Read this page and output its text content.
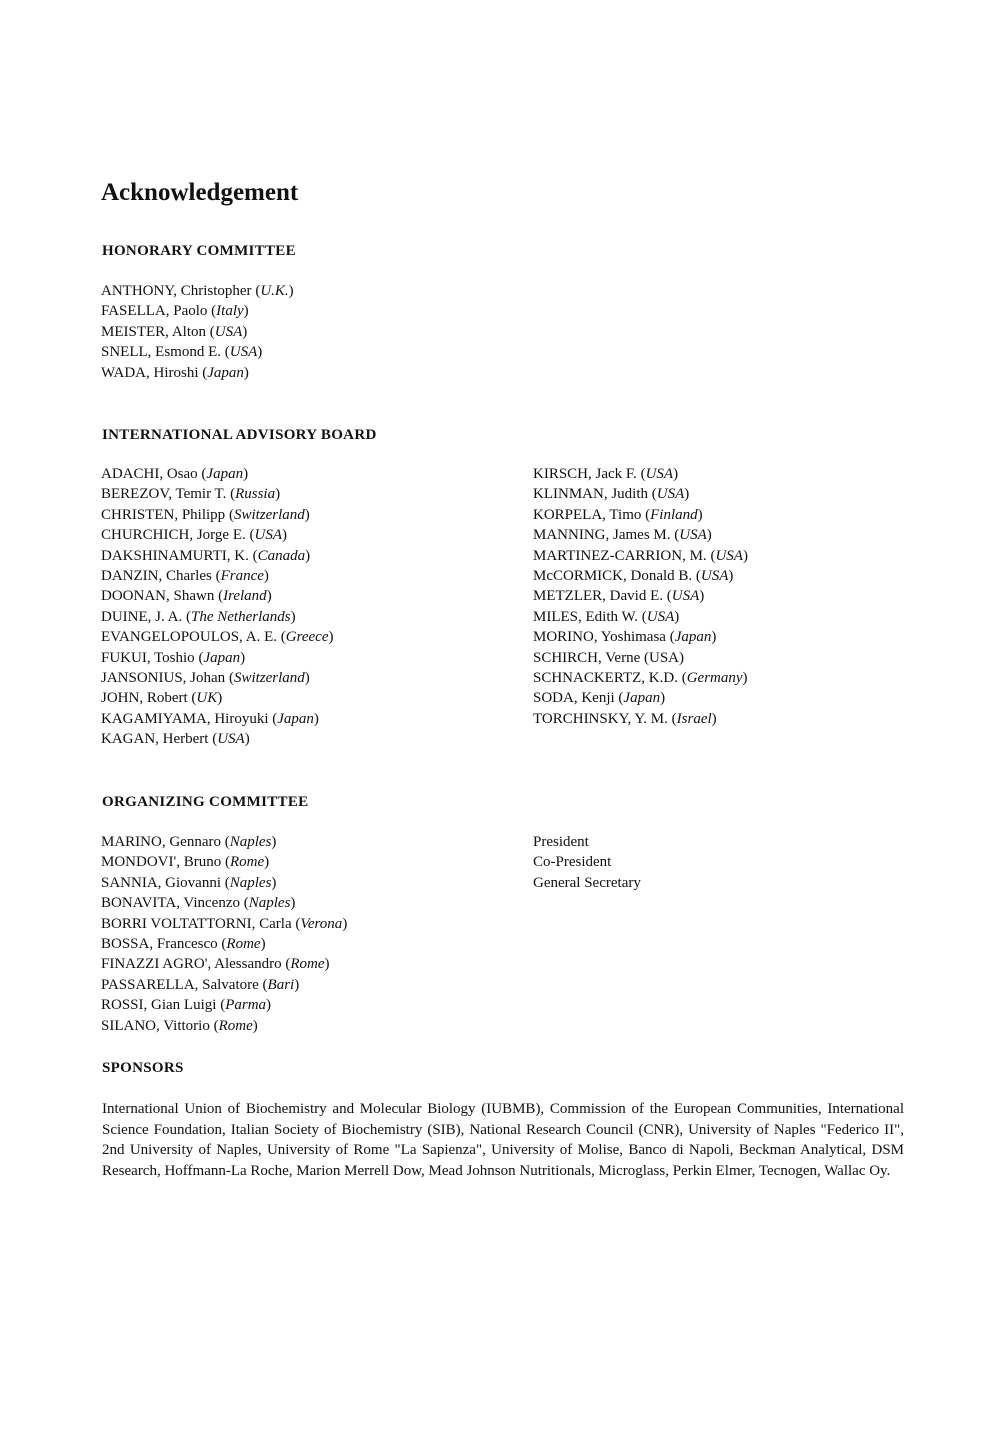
Acknowledgement
HONORARY COMMITTEE
ANTHONY, Christopher (U.K.)
FASELLA, Paolo (Italy)
MEISTER, Alton (USA)
SNELL, Esmond E. (USA)
WADA, Hiroshi (Japan)
INTERNATIONAL ADVISORY BOARD
ADACHI, Osao (Japan)
BEREZOV, Temir T. (Russia)
CHRISTEN, Philipp (Switzerland)
CHURCHICH, Jorge E. (USA)
DAKSHINAMURTI, K. (Canada)
DANZIN, Charles (France)
DOONAN, Shawn (Ireland)
DUINE, J. A. (The Netherlands)
EVANGELOPOULOS, A. E. (Greece)
FUKUI, Toshio (Japan)
JANSONIUS, Johan (Switzerland)
JOHN, Robert (UK)
KAGAMIYAMA, Hiroyuki (Japan)
KAGAN, Herbert (USA)
KIRSCH, Jack F. (USA)
KLINMAN, Judith (USA)
KORPELA, Timo (Finland)
MANNING, James M. (USA)
MARTINEZ-CARRION, M. (USA)
McCORMICK, Donald B. (USA)
METZLER, David E. (USA)
MILES, Edith W. (USA)
MORINO, Yoshimasa (Japan)
SCHIRCH, Verne (USA)
SCHNACKERTZ, K.D. (Germany)
SODA, Kenji (Japan)
TORCHINSKY, Y. M. (Israel)
ORGANIZING COMMITTEE
MARINO, Gennaro (Naples)
MONDOVI', Bruno (Rome)
SANNIA, Giovanni (Naples)
BONAVITA, Vincenzo (Naples)
BORRI VOLTATTORNI, Carla (Verona)
BOSSA, Francesco (Rome)
FINAZZI AGRO', Alessandro (Rome)
PASSARELLA, Salvatore (Bari)
ROSSI, Gian Luigi (Parma)
SILANO, Vittorio (Rome)
President
Co-President
General Secretary
SPONSORS

International Union of Biochemistry and Molecular Biology (IUBMB), Commission of the European Communities, International Science Foundation, Italian Society of Biochemistry (SIB), National Research Council (CNR), University of Naples "Federico II", 2nd University of Naples, University of Rome "La Sapienza", University of Molise, Banco di Napoli, Beckman Analytical, DSM Research, Hoffmann-La Roche, Marion Merrell Dow, Mead Johnson Nutritionals, Microglass, Perkin Elmer, Tecnogen, Wallac Oy.
